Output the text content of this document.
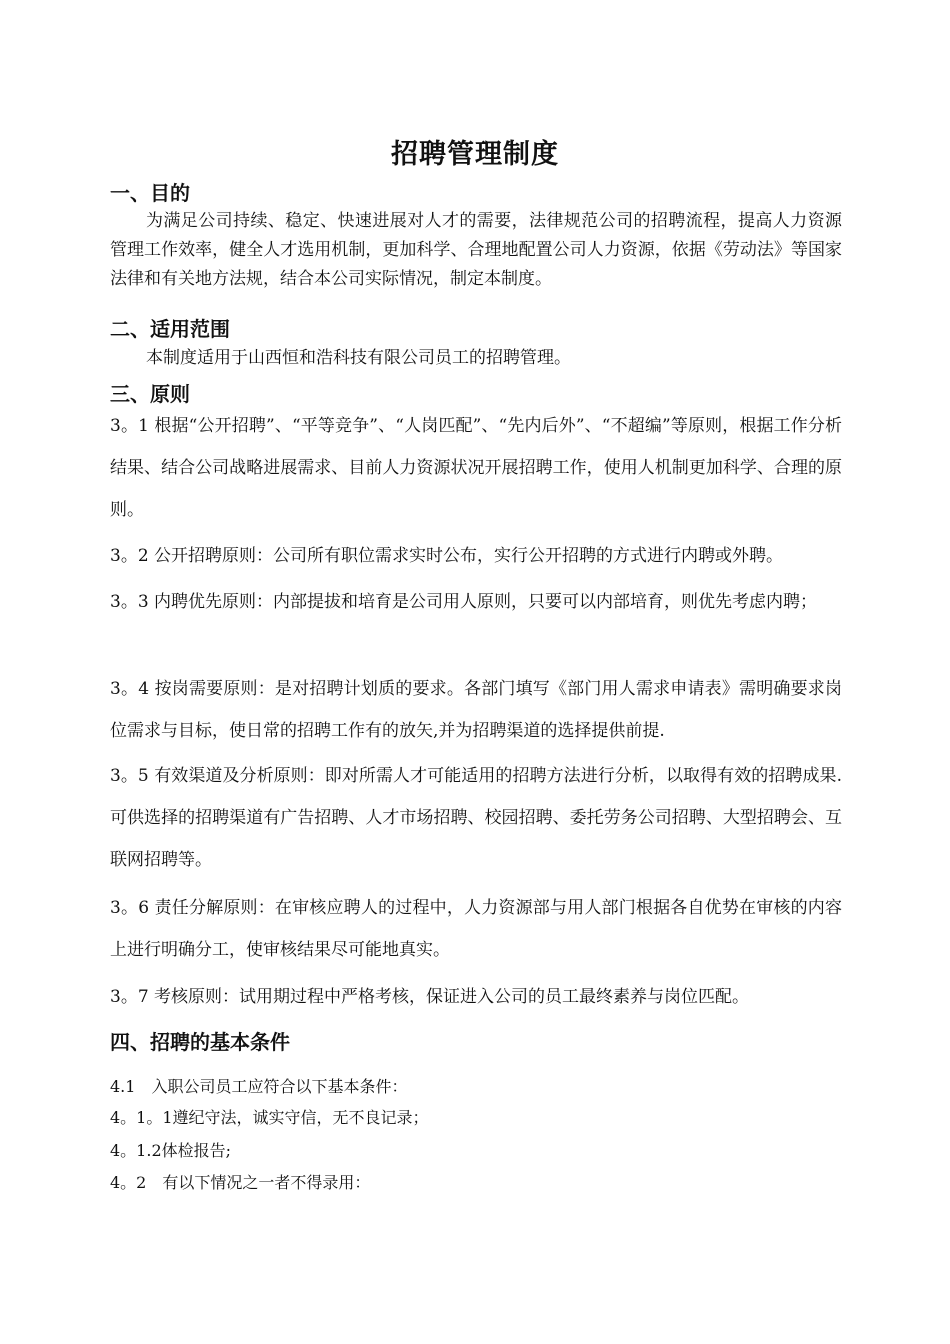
招聘管理制度
一、目的
为满足公司持续、稳定、快速进展对人才的需要，法律规范公司的招聘流程，提高人力资源管理工作效率，健全人才选用机制，更加科学、合理地配置公司人力资源，依据《劳动法》等国家法律和有关地方法规，结合本公司实际情况，制定本制度。
二、适用范围
本制度适用于山西恒和浩科技有限公司员工的招聘管理。
三、原则
3。1 根据“公开招聘”、“平等竞争”、“人岗匹配”、“先内后外”、“不超编”等原则，根据工作分析结果、结合公司战略进展需求、目前人力资源状况开展招聘工作，使用人机制更加科学、合理的原则。
3。2 公开招聘原则：公司所有职位需求实时公布，实行公开招聘的方式进行内聘或外聘。
3。3 内聘优先原则：内部提拔和培育是公司用人原则，只要可以内部培育，则优先考虑内聘；
3。4 按岗需要原则：是对招聘计划质的要求。各部门填写《部门用人需求申请表》需明确要求岗位需求与目标，使日常的招聘工作有的放矢,并为招聘渠道的选择提供前提.
3。5 有效渠道及分析原则：即对所需人才可能适用的招聘方法进行分析，以取得有效的招聘成果.可供选择的招聘渠道有广告招聘、人才市场招聘、校园招聘、委托劳务公司招聘、大型招聘会、互联网招聘等。
3。6 责任分解原则：在审核应聘人的过程中，人力资源部与用人部门根据各自优势在审核的内容上进行明确分工，使审核结果尽可能地真实。
3。7 考核原则：试用期过程中严格考核，保证进入公司的员工最终素养与岗位匹配。
四、招聘的基本条件
4.1　入职公司员工应符合以下基本条件：
4。1。1遵纪守法，诚实守信，无不良记录；
4。1.2体检报告;
4。2　有以下情况之一者不得录用：
